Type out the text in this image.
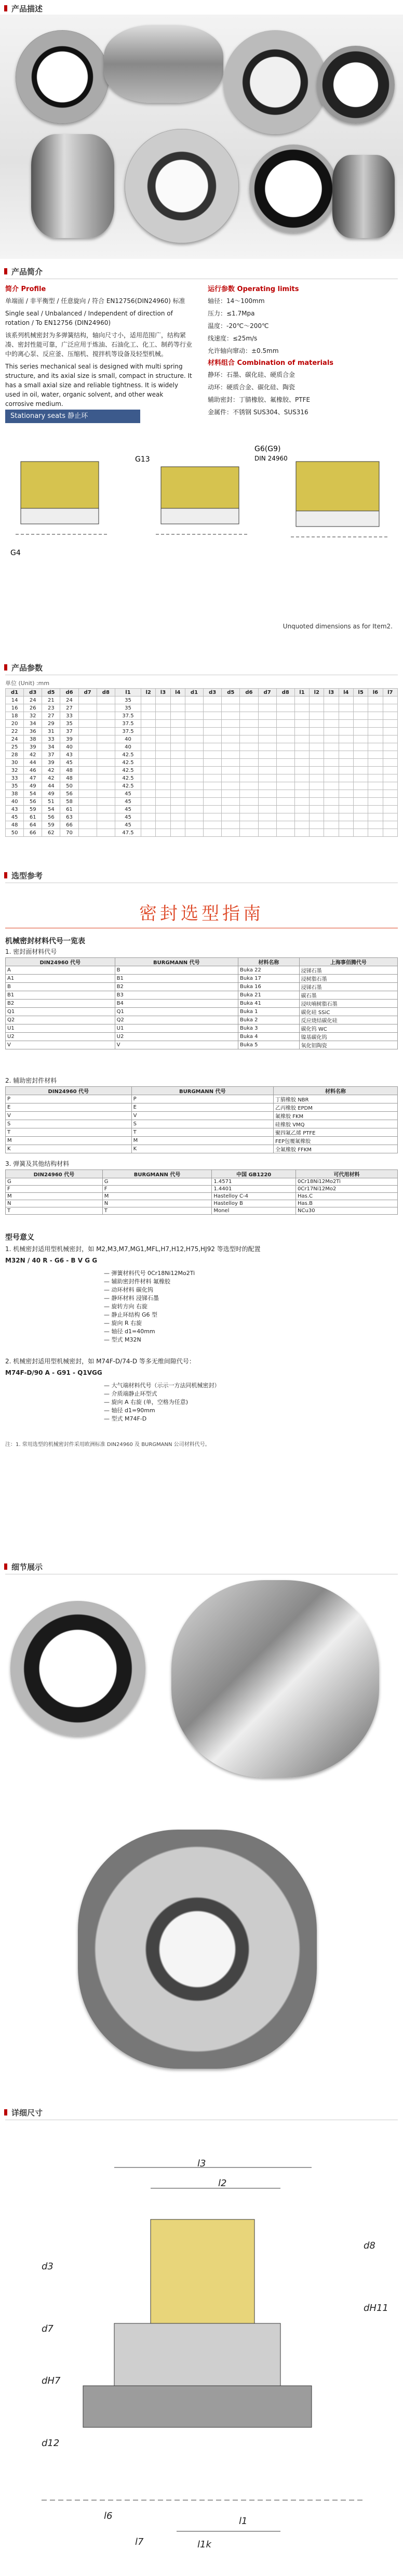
产品描述
产品简介
简介 Profile

单端面 / 非平衡型 / 任意旋向 / 符合 EN12756(DIN24960) 标准

Single seal / Unbalanced / Independent of direction of rotation / To EN12756 (DIN24960)

该系列机械密封为多弹簧结构，轴向尺寸小，适用范围广，结构紧凑、密封性能可靠，广泛应用于炼油、石油化工、化工、制药等行业中的离心泵、反应釜、压缩机、搅拌机等设备及轻型机械。

This series mechanical seal is designed with multi spring structure, and its axial size is small, compact in structure. It has a small axial size and reliable tightness. It is widely used in oil, water, organic solvent, and other weak corrosive medium.

运行参数 Operating limits

轴径：14～100mm

压力：≤1.7Mpa

温度：-20℃～200℃

线速度：≤25m/s

允许轴向窜动：±0.5mm

材料组合 Combination of materials

静环：石墨、碳化硅、硬质合金

动环：硬质合金、碳化硅、陶瓷

辅助密封：丁腈橡胶、氟橡胶、PTFE

金属件：不锈钢 SUS304、SUS316

Stationary seats 静止环
G4
G13
G6(G9)
DIN 24960
Unquoted dimensions as for Item2.
产品参数
单位 (Unit) :mm
d1	d3	d5	d6	d7	d8	l1	l2	l3	l4	d1	d3	d5	d6	d7	d8	l1	l2	l3	l4	l5	l6	l7
14	24	21	24			35																
16	26	23	27			35																
18	32	27	33			37.5																
20	34	29	35			37.5																
22	36	31	37			37.5																
24	38	33	39			40																
25	39	34	40			40																
28	42	37	43			42.5																
30	44	39	45			42.5																
32	46	42	48			42.5																
33	47	42	48			42.5																
35	49	44	50			42.5																
38	54	49	56			45																
40	56	51	58			45																
43	59	54	61			45																
45	61	56	63			45																
48	64	59	66			45																
50	66	62	70			47.5																
选型参考
密封选型指南
机械密封材料代号一览表
1. 密封面材料代号
DIN24960 代号	BURGMANN 代号	材料名称	上海事佰腾代号
A	B	Buka 22	浸锑石墨
A1	B1	Buka 17	浸树脂石墨
B	B2	Buka 16	浸锑石墨
B1	B3	Buka 21	碳石墨
B2	B4	Buka 41	浸呋喃树脂石墨
Q1	Q1	Buka 1	碳化硅 SSiC
Q2	Q2	Buka 2	反应烧结碳化硅
U1	U1	Buka 3	碳化钨 WC
U2	U2	Buka 4	镍基碳化钨
V	V	Buka 5	氧化铝陶瓷
2. 辅助密封件材料
DIN24960 代号	BURGMANN 代号	材料名称
P	P	丁腈橡胶 NBR
E	E	乙丙橡胶 EPDM
V	V	氟橡胶 FKM
S	S	硅橡胶 VMQ
T	T	聚四氟乙烯 PTFE
M	M	FEP包覆氟橡胶
K	K	全氟橡胶 FFKM
3. 弹簧及其他结构材料
DIN24960 代号	BURGMANN 代号	中国 GB1220	可代用材料
G	G	1.4571	0Cr18Ni12Mo2Ti
F	F	1.4401	0Cr17Ni12Mo2
M	M	Hastelloy C-4	Has.C
N	N	Hastelloy B	Has.B
T	T	Monel	NCu30
型号意义
1. 机械密封适用型机械密封，如 M2,M3,M7,MG1,MFL,H7,H12,H75,HJ92 等选型时的配置
M32N / 40 R - G6 - B V G G
— 弹簧材料代号 0Cr18Ni12Mo2Ti
— 辅助密封件材料 氟橡胶
— 动环材料 碳化钨
— 静环材料 浸锑石墨
— 旋转方向 右旋
— 静止环结构 G6 型
— 旋向 R 右旋
— 轴径 d1=40mm
— 型式 M32N
2. 机械密封适用型机械密封，如 M74F-D/74-D 等多无维间隙代号：
M74F-D/90 A - G91 - Q1VGG
— 大气端材料代号（示示一方法同机械密封）
— 介质端静止环型式
— 旋向 A 右旋 (单，空格为任意)
— 轴径 d1=90mm
— 型式 M74F-D
注：1. 常用选型的机械密封件采用欧洲标准 DIN24960 及 BURGMANN 公司材料代号。
细节展示
详细尺寸
l3
l2
l1
l1k
d3
d7
d8
dH11
dH7
d12
l6
l7
